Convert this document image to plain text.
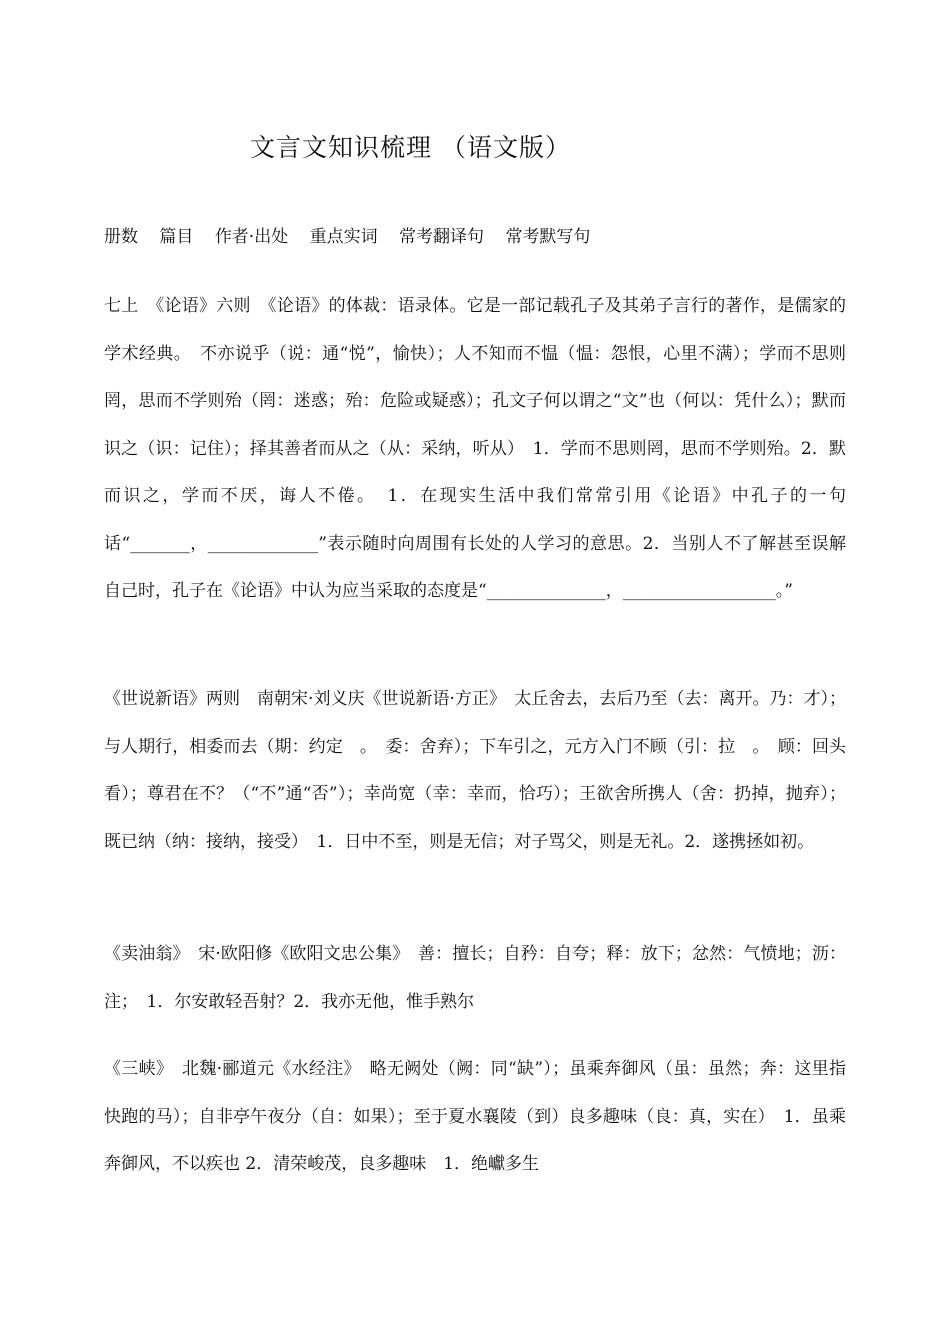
文言文知识梳理 （语文版）
册数 篇目 作者·出处 重点实词 常考翻译句 常考默写句
七上　《论语》六则　《论语》的体裁：语录体。它是一部记载孔子及其弟子言行的著作，是儒家的学术经典。　不亦说乎（说：通“悦”，愉快）；人不知而不愠（愠：怨恨，心里不满）；学而不思则罔，思而不学则殆（罔：迷惑；殆：危险或疑惑）；孔文子何以谓之“文”也（何以：凭什么）；默而识之（识：记住）；择其善者而从之（从：采纳，听从）　1．学而不思则罔，思而不学则殆。2．默而识之，学而不厌，诲人不倦。　1．在现实生活中我们常常引用《论语》中孔子的一句话“_______，_____________”表示随时向周围有长处的人学习的意思。2．当别人不了解甚至误解自己时，孔子在《论语》中认为应当采取的态度是“______________，__________________。”
《世说新语》两则　南朝宋·刘义庆《世说新语·方正》　太丘舍去，去后乃至（去：离开。乃：才）；与人期行，相委而去（期：约定　。　委：舍弃）；下车引之，元方入门不顾（引：拉　。　顾：回头看）；尊君在不？（“不”通“否”）；幸尚宽（幸：幸而，恰巧）；王欲舍所携人（舍：扔掉，抛弃）；既已纳（纳：接纳，接受）　1．日中不至，则是无信；对子骂父，则是无礼。2．遂携拯如初。
《卖油翁》　宋·欧阳修《欧阳文忠公集》　善：擅长；自矜：自夸；释：放下；忿然：气愤地；沥：注；　1．尔安敢轻吾射？2．我亦无他，惟手熟尔
《三峡》　北魏·郦道元《水经注》　略无阙处（阙：同“缺”）；虽乘奔御风（虽：虽然；奔：这里指快跑的马）；自非亭午夜分（自：如果）；至于夏水襄陵（到）良多趣味（良：真，实在）　1．虽乘奔御风，不以疾也 2．清荣峻茂，良多趣味　1．绝巘多生
